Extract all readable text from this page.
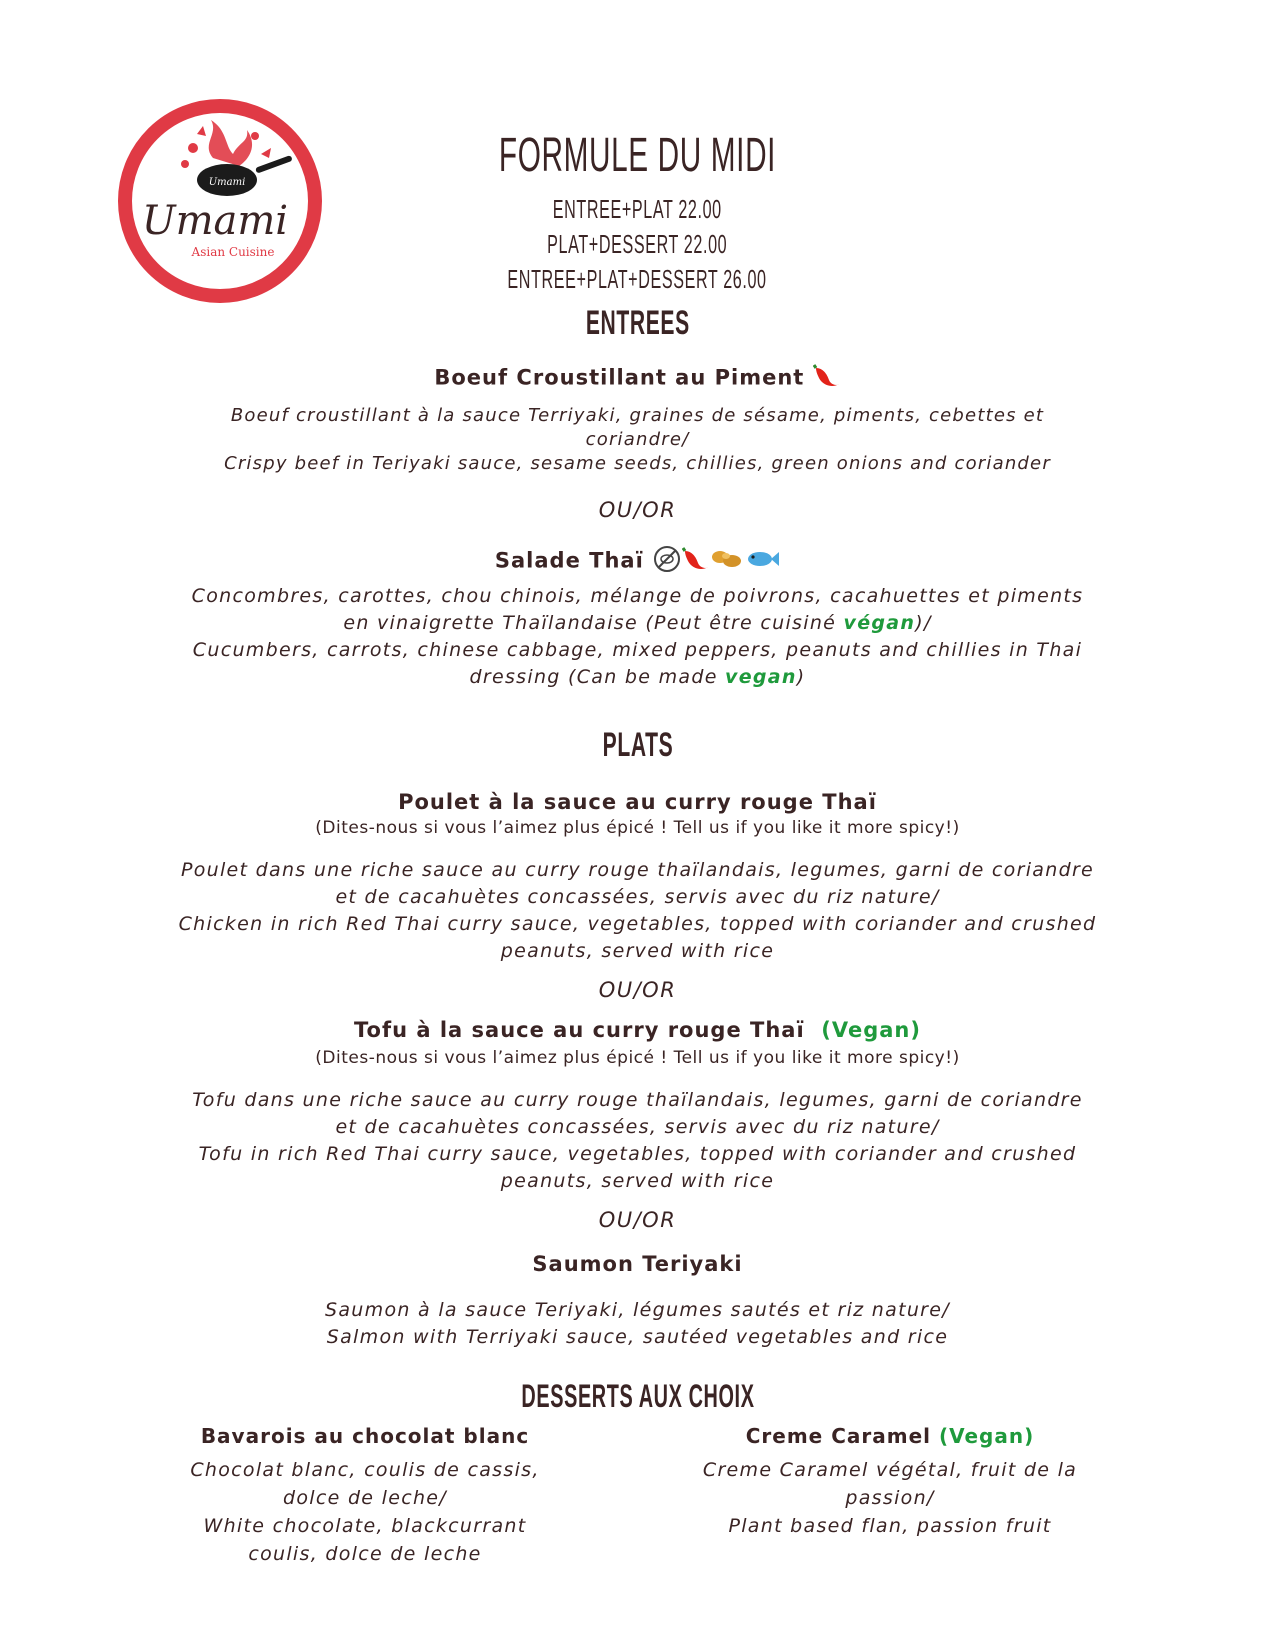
Umami
Umami
Asian Cuisine
FORMULE DU MIDI
ENTREE+PLAT 22.00
PLAT+DESSERT 22.00
ENTREE+PLAT+DESSERT 26.00
ENTREES
Boeuf Croustillant au Piment
Boeuf croustillant à la sauce Terriyaki, graines de sésame, piments, cebettes et
coriandre/
Crispy beef in Teriyaki sauce, sesame seeds, chillies, green onions and coriander
OU/OR
Salade Thaï
Concombres, carottes, chou chinois, mélange de poivrons, cacahuettes et piments
en vinaigrette Thaïlandaise (Peut être cuisiné végan)/
Cucumbers, carrots, chinese cabbage, mixed peppers, peanuts and chillies in Thai
dressing (Can be made vegan)
PLATS
Poulet à la sauce au curry rouge Thaï
(Dites-nous si vous l’aimez plus épicé ! Tell us if you like it more spicy!)
Poulet dans une riche sauce au curry rouge thaïlandais, legumes, garni de coriandre
et de cacahuètes concassées, servis avec du riz nature/
Chicken in rich Red Thai curry sauce, vegetables, topped with coriander and crushed
peanuts, served with rice
OU/OR
Tofu à la sauce au curry rouge Thaï (Vegan)
(Dites-nous si vous l’aimez plus épicé ! Tell us if you like it more spicy!)
Tofu dans une riche sauce au curry rouge thaïlandais, legumes, garni de coriandre
et de cacahuètes concassées, servis avec du riz nature/
Tofu in rich Red Thai curry sauce, vegetables, topped with coriander and crushed
peanuts, served with rice
OU/OR
Saumon Teriyaki
Saumon à la sauce Teriyaki, légumes sautés et riz nature/
Salmon with Terriyaki sauce, sautéed vegetables and rice
DESSERTS AUX CHOIX
Bavarois au chocolat blanc
Chocolat blanc, coulis de cassis,
dolce de leche/
White chocolate, blackcurrant
coulis, dolce de leche
Creme Caramel (Vegan)
Creme Caramel végétal, fruit de la
passion/
Plant based flan, passion fruit
